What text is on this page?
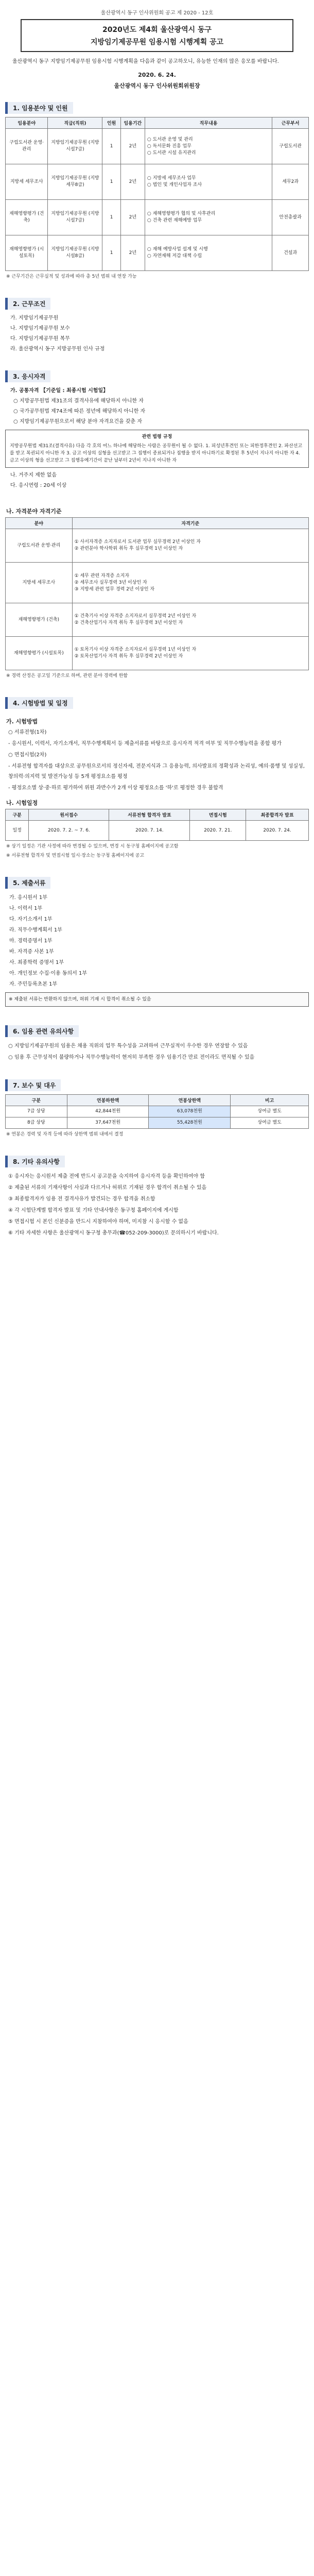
울산광역시 동구 인사위원회 공고 제 2020 - 12호
2020년도 제4회 울산광역시 동구
지방임기제공무원 임용시험 시행계획 공고
울산광역시 동구 지방임기제공무원 임용시험 시행계획을 다음과 같이 공고하오니, 유능한 인재의 많은 응모를 바랍니다.
2020. 6. 24.
울산광역시 동구 인사위원회위원장
1. 임용분야 및 인원
임용분야	직급(직위)	인원	임용기간	직무내용	근무부서
구립도서관 운영·관리	지방임기제공무원 (지방시설7급)	1	2년	○ 도서관 운영 및 관리
○ 독서문화 진흥 업무
○ 도서관 시설 유지관리	구립도서관
지방세 세무조사	지방임기제공무원 (지방세무8급)	1	2년	○ 지방세 세무조사 업무
○ 법인 및 개인사업자 조사	세무2과
재해영향평가 (건축)	지방임기제공무원 (지방시설7급)	1	2년	○ 재해영향평가 협의 및 사후관리
○ 건축 관련 재해예방 업무	안전총괄과
재해영향평가 (시설토목)	지방임기제공무원 (지방시설8급)	1	2년	○ 재해 예방사업 설계 및 시행
○ 자연재해 저감 대책 수립	건설과
※ 근무기간은 근무실적 및 성과에 따라 총 5년 범위 내 연장 가능
2. 근무조건
가. 지방임기제공무원
나. 지방임기제공무원 보수
다. 지방임기제공무원 복무
라. 울산광역시 동구 지방공무원 인사 규정
3. 응시자격
가. 공통자격 【기준일 : 최종시험 시험일】
○ 지방공무원법 제31조의 결격사유에 해당하지 아니한 자
○ 국가공무원법 제74조에 따른 정년에 해당하지 아니한 자
○ 지방임기제공무원으로서 해당 분야 자격요건을 갖춘 자
관련 법령 규정
지방공무원법 제31조(결격사유) 다음 각 호의 어느 하나에 해당하는 사람은 공무원이 될 수 없다. 1. 피성년후견인 또는 피한정후견인 2. 파산선고를 받고 복권되지 아니한 자 3. 금고 이상의 실형을 선고받고 그 집행이 종료되거나 집행을 받지 아니하기로 확정된 후 5년이 지나지 아니한 자 4. 금고 이상의 형을 선고받고 그 집행유예기간이 끝난 날부터 2년이 지나지 아니한 자
나. 거주지 제한 없음
다. 응시연령 : 20세 이상
나. 자격분야 자격기준
분야	자격기준
구립도서관 운영·관리	① 사서자격증 소지자로서 도서관 업무 실무경력 2년 이상인 자
② 관련분야 학사학위 취득 후 실무경력 1년 이상인 자
지방세 세무조사	① 세무 관련 자격증 소지자
② 세무조사 실무경력 3년 이상인 자
③ 지방세 관련 업무 경력 2년 이상인 자
재해영향평가 (건축)	① 건축기사 이상 자격증 소지자로서 실무경력 2년 이상인 자
② 건축산업기사 자격 취득 후 실무경력 3년 이상인 자
재해영향평가 (시설토목)	① 토목기사 이상 자격증 소지자로서 실무경력 1년 이상인 자
② 토목산업기사 자격 취득 후 실무경력 2년 이상인 자
※ 경력 산정은 공고일 기준으로 하며, 관련 분야 경력에 한함
4. 시험방법 및 일정
가. 시험방법
○ 서류전형(1차)
- 응시원서, 이력서, 자기소개서, 직무수행계획서 등 제출서류를 바탕으로 응시자격 적격 여부 및 직무수행능력을 종합 평가
○ 면접시험(2차)
- 서류전형 합격자를 대상으로 공무원으로서의 정신자세, 전문지식과 그 응용능력, 의사발표의 정확성과 논리성, 예의·품행 및 성실성, 창의력·의지력 및 발전가능성 등 5개 평정요소를 평정
- 평정요소별 상·중·하로 평가하여 위원 과반수가 2개 이상 평정요소를 '하'로 평정한 경우 불합격
나. 시험일정
구분	원서접수	서류전형 합격자 발표	면접시험	최종합격자 발표
일정	2020. 7. 2. ~ 7. 6.	2020. 7. 14.	2020. 7. 21.	2020. 7. 24.
※ 상기 일정은 기관 사정에 따라 변경될 수 있으며, 변경 시 동구청 홈페이지에 공고함
※ 서류전형 합격자 및 면접시험 일시·장소는 동구청 홈페이지에 공고
5. 제출서류
가. 응시원서 1부
나. 이력서 1부
다. 자기소개서 1부
라. 직무수행계획서 1부
마. 경력증명서 1부
바. 자격증 사본 1부
사. 최종학력 증명서 1부
아. 개인정보 수집·이용 동의서 1부
자. 주민등록초본 1부
※ 제출된 서류는 반환하지 않으며, 허위 기재 시 합격이 취소될 수 있음
6. 임용 관련 유의사항
○ 지방임기제공무원의 임용은 채용 직위의 업무 특수성을 고려하여 근무실적이 우수한 경우 연장할 수 있음
○ 임용 후 근무성적이 불량하거나 직무수행능력이 현저히 부족한 경우 임용기간 만료 전이라도 면직될 수 있음
7. 보수 및 대우
구분	연봉하한액	연봉상한액	비고
7급 상당	42,844천원	63,078천원	상여금 별도
8급 상당	37,647천원	55,428천원	상여금 별도
※ 연봉은 경력 및 자격 등에 따라 상한액 범위 내에서 결정
8. 기타 유의사항
① 응시자는 응시원서 제출 전에 반드시 공고문을 숙지하여 응시자격 등을 확인하여야 함
② 제출된 서류의 기재사항이 사실과 다르거나 허위로 기재된 경우 합격이 취소될 수 있음
③ 최종합격자가 임용 전 결격사유가 발견되는 경우 합격을 취소함
④ 각 시험단계별 합격자 발표 및 기타 안내사항은 동구청 홈페이지에 게시함
⑤ 면접시험 시 본인 신분증을 반드시 지참하여야 하며, 미지참 시 응시할 수 없음
⑥ 기타 자세한 사항은 울산광역시 동구청 총무과(☎052-209-3000)로 문의하시기 바랍니다.
